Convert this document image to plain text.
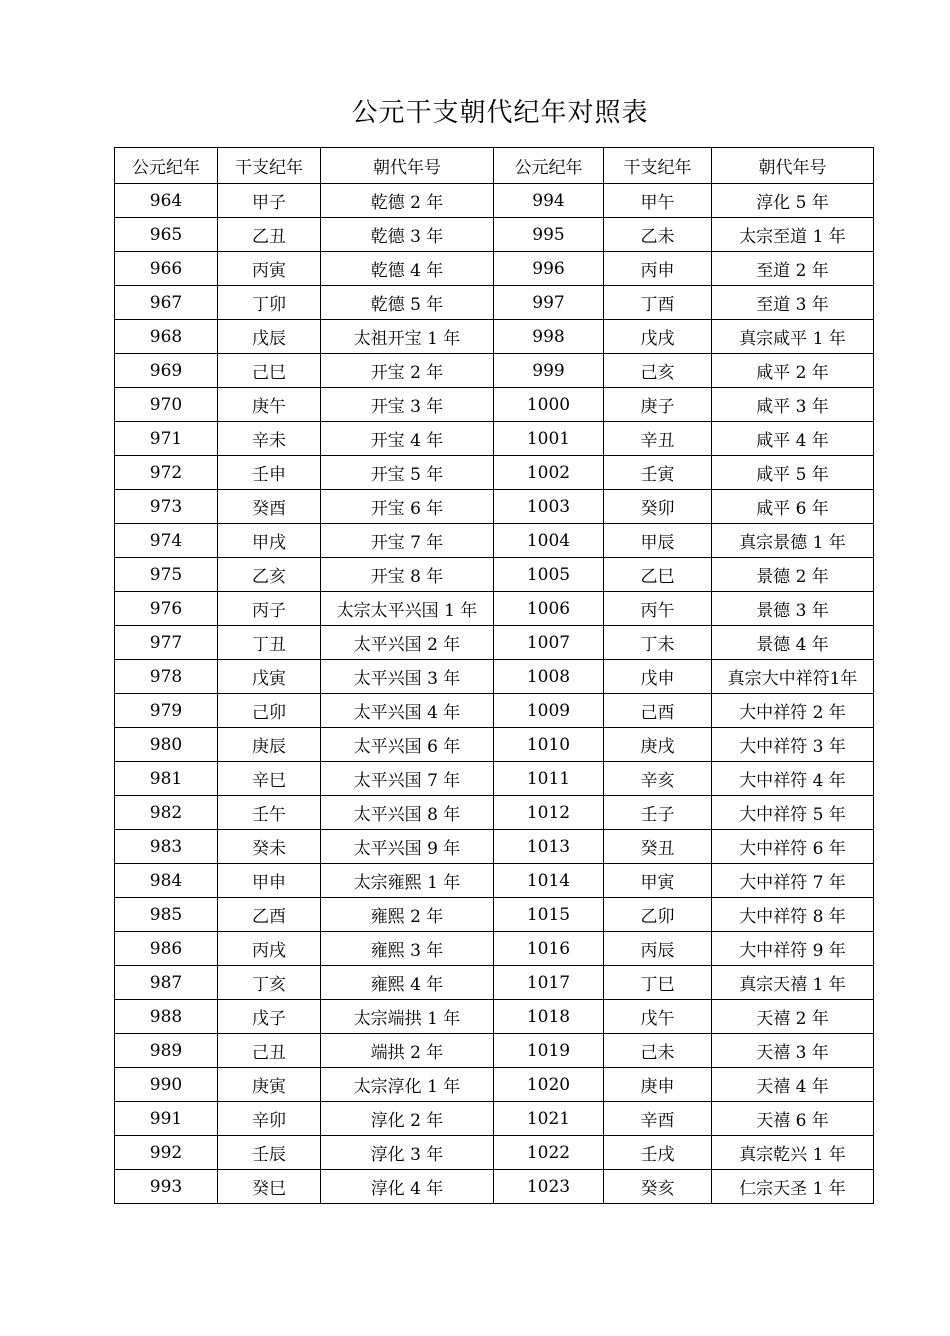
公元干支朝代纪年对照表
公元纪年	干支纪年	朝代年号	公元纪年	干支纪年	朝代年号
964	甲子	乾德 2 年	994	甲午	淳化 5 年
965	乙丑	乾德 3 年	995	乙未	太宗至道 1 年
966	丙寅	乾德 4 年	996	丙申	至道 2 年
967	丁卯	乾德 5 年	997	丁酉	至道 3 年
968	戊辰	太祖开宝 1 年	998	戊戌	真宗咸平 1 年
969	己巳	开宝 2 年	999	己亥	咸平 2 年
970	庚午	开宝 3 年	1000	庚子	咸平 3 年
971	辛未	开宝 4 年	1001	辛丑	咸平 4 年
972	壬申	开宝 5 年	1002	壬寅	咸平 5 年
973	癸酉	开宝 6 年	1003	癸卯	咸平 6 年
974	甲戌	开宝 7 年	1004	甲辰	真宗景德 1 年
975	乙亥	开宝 8 年	1005	乙巳	景德 2 年
976	丙子	太宗太平兴国 1 年	1006	丙午	景德 3 年
977	丁丑	太平兴国 2 年	1007	丁未	景德 4 年
978	戊寅	太平兴国 3 年	1008	戊申	真宗大中祥符1年
979	己卯	太平兴国 4 年	1009	己酉	大中祥符 2 年
980	庚辰	太平兴国 6 年	1010	庚戌	大中祥符 3 年
981	辛巳	太平兴国 7 年	1011	辛亥	大中祥符 4 年
982	壬午	太平兴国 8 年	1012	壬子	大中祥符 5 年
983	癸未	太平兴国 9 年	1013	癸丑	大中祥符 6 年
984	甲申	太宗雍熙 1 年	1014	甲寅	大中祥符 7 年
985	乙酉	雍熙 2 年	1015	乙卯	大中祥符 8 年
986	丙戌	雍熙 3 年	1016	丙辰	大中祥符 9 年
987	丁亥	雍熙 4 年	1017	丁巳	真宗天禧 1 年
988	戊子	太宗端拱 1 年	1018	戊午	天禧 2 年
989	己丑	端拱 2 年	1019	己未	天禧 3 年
990	庚寅	太宗淳化 1 年	1020	庚申	天禧 4 年
991	辛卯	淳化 2 年	1021	辛酉	天禧 6 年
992	壬辰	淳化 3 年	1022	壬戌	真宗乾兴 1 年
993	癸巳	淳化 4 年	1023	癸亥	仁宗天圣 1 年
